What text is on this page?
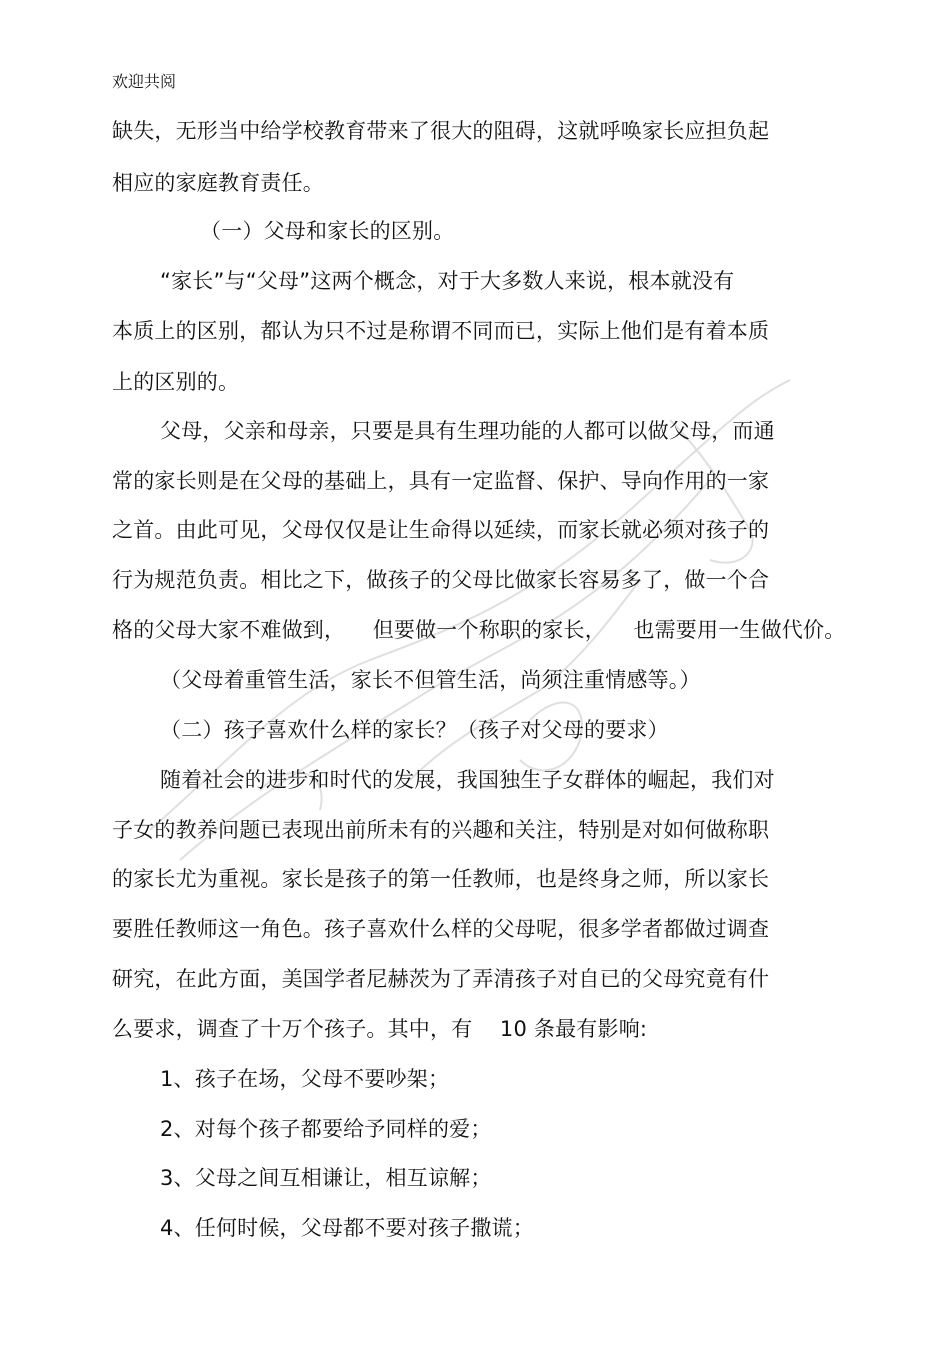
欢迎共阅
缺失，无形当中给学校教育带来了很大的阻碍，这就呼唤家长应担负起
相应的家庭教育责任。
（一）父母和家长的区别。
“家长”与“父母”这两个概念，对于大多数人来说，根本就没有
本质上的区别，都认为只不过是称谓不同而已，实际上他们是有着本质
上的区别的。
父母，父亲和母亲，只要是具有生理功能的人都可以做父母，而通
常的家长则是在父母的基础上，具有一定监督、保护、导向作用的一家
之首。由此可见，父母仅仅是让生命得以延续，而家长就必须对孩子的
行为规范负责。相比之下，做孩子的父母比做家长容易多了，做一个合
格的父母大家不难做到，    但要做一个称职的家长，    也需要用一生做代价。
（父母着重管生活，家长不但管生活，尚须注重情感等。）
（二）孩子喜欢什么样的家长？（孩子对父母的要求）
随着社会的进步和时代的发展，我国独生子女群体的崛起，我们对
子女的教养问题已表现出前所未有的兴趣和关注，特别是对如何做称职
的家长尤为重视。家长是孩子的第一任教师，也是终身之师，所以家长
要胜任教师这一角色。孩子喜欢什么样的父母呢，很多学者都做过调查
研究，在此方面，美国学者尼赫茨为了弄清孩子对自已的父母究竟有什
么要求，调查了十万个孩子。其中，有    10 条最有影响:
1、孩子在场，父母不要吵架；
2、对每个孩子都要给予同样的爱；
3、父母之间互相谦让，相互谅解；
4、任何时候，父母都不要对孩子撒谎；
